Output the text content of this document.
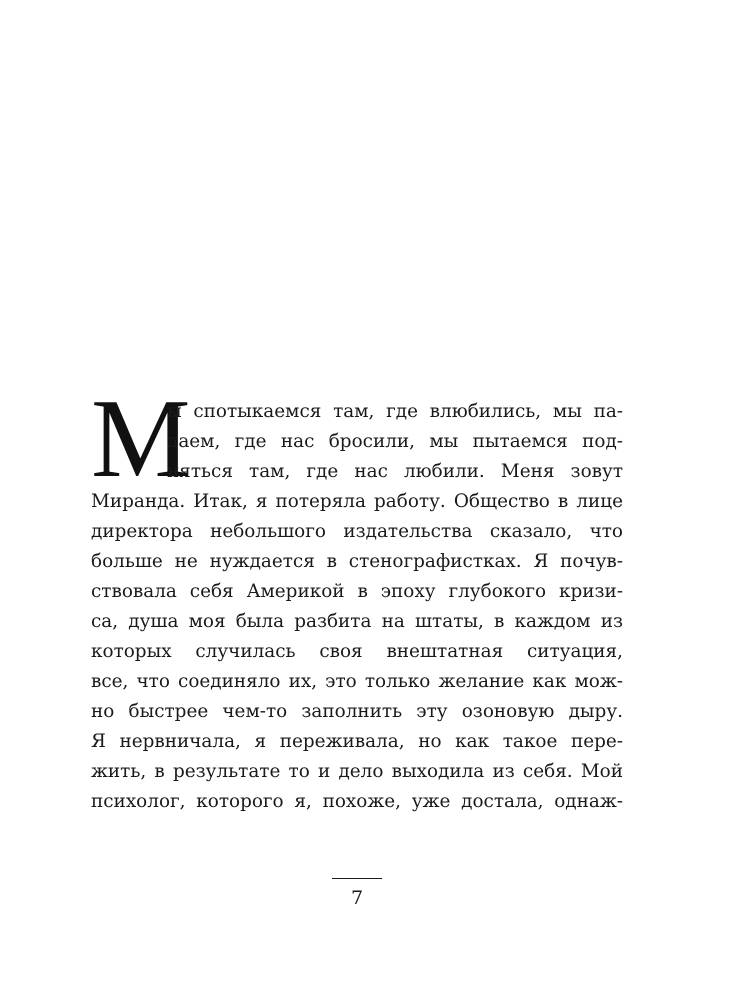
М
ы спотыкаемся там, где влюбились, мы па-
даем, где нас бросили, мы пытаемся под-
няться там, где нас любили. Меня зовут
Миранда. Итак, я потеряла работу. Общество в лице
директора небольшого издательства сказало, что
больше не нуждается в стенографистках. Я почув-
ствовала себя Америкой в эпоху глубокого кризи-
са, душа моя была разбита на штаты, в каждом из
которых случилась своя внештатная ситуация,
все, что соединяло их, это только желание как мож-
но быстрее чем-то заполнить эту озоновую дыру.
Я нервничала, я переживала, но как такое пере-
жить, в результате то и дело выходила из себя. Мой
психолог, которого я, похоже, уже достала, однаж-
7
